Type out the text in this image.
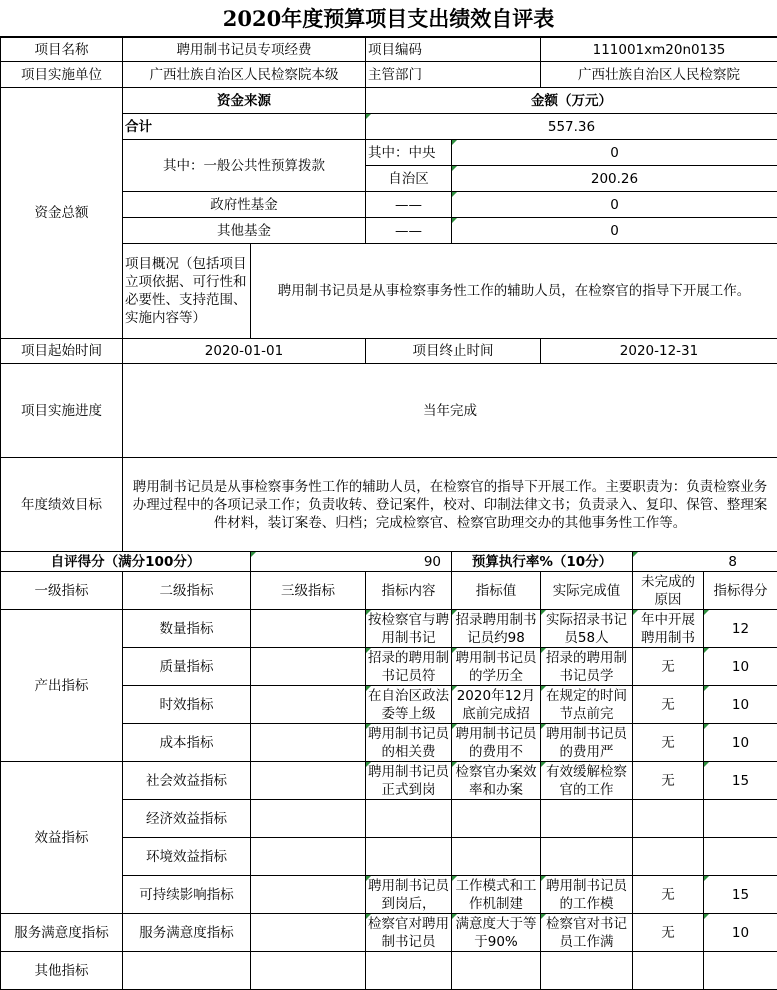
2020年度预算项目支出绩效自评表
项目名称	聘用制书记员专项经费		项目编码		111001xm20n0135		
项目实施单位	广西壮族自治区人民检察院本级		主管部门		广西壮族自治区人民检察院		
资金总额	资金来源		金额（万元）				
	合计		557.36				
	其中：一般公共性预算拨款		其中：中央	0			
			自治区	200.26			
	政府性基金		——	0			
	其他基金		——	0			
	项目概况（包括项目立项依据、可行性和必要性、支持范围、实施内容等）	聘用制书记员是从事检察事务性工作的辅助人员，在检察官的指导下开展工作。					
项目起始时间	2020-01-01		项目终止时间		2020-12-31		
项目实施进度	当年完成						
年度绩效目标	聘用制书记员是从事检察事务性工作的辅助人员，在检察官的指导下开展工作。主要职责为：负责检察业务办理过程中的各项记录工作；负责收转、登记案件，校对、印制法律文书；负责录入、复印、保管、整理案件材料，装订案卷、归档；完成检察官、检察官助理交办的其他事务性工作等。						
自评得分（满分100分）		90		预算执行率%（10分）		8	
一级指标	二级指标	三级指标	指标内容	指标值	实际完成值	未完成的原因	指标得分
产出指标	数量指标		按检察官与聘用制书记	招录聘用制书记员约98	实际招录书记员58人	年中开展聘用制书	12
	质量指标		招录的聘用制书记员符	聘用制书记员的学历全	招录的聘用制书记员学	无	10
	时效指标		在自治区政法委等上级	2020年12月底前完成招	在规定的时间节点前完	无	10
	成本指标		聘用制书记员的相关费	聘用制书记员的费用不	聘用制书记员的费用严	无	10
效益指标	社会效益指标		聘用制书记员正式到岗	检察官办案效率和办案	有效缓解检察官的工作	无	15
	经济效益指标						
	环境效益指标						
	可持续影响指标		聘用制书记员到岗后，	工作模式和工作机制建	聘用制书记员的工作模	无	15
服务满意度指标	服务满意度指标		检察官对聘用制书记员	满意度大于等于90%	检察官对书记员工作满	无	10
其他指标							
